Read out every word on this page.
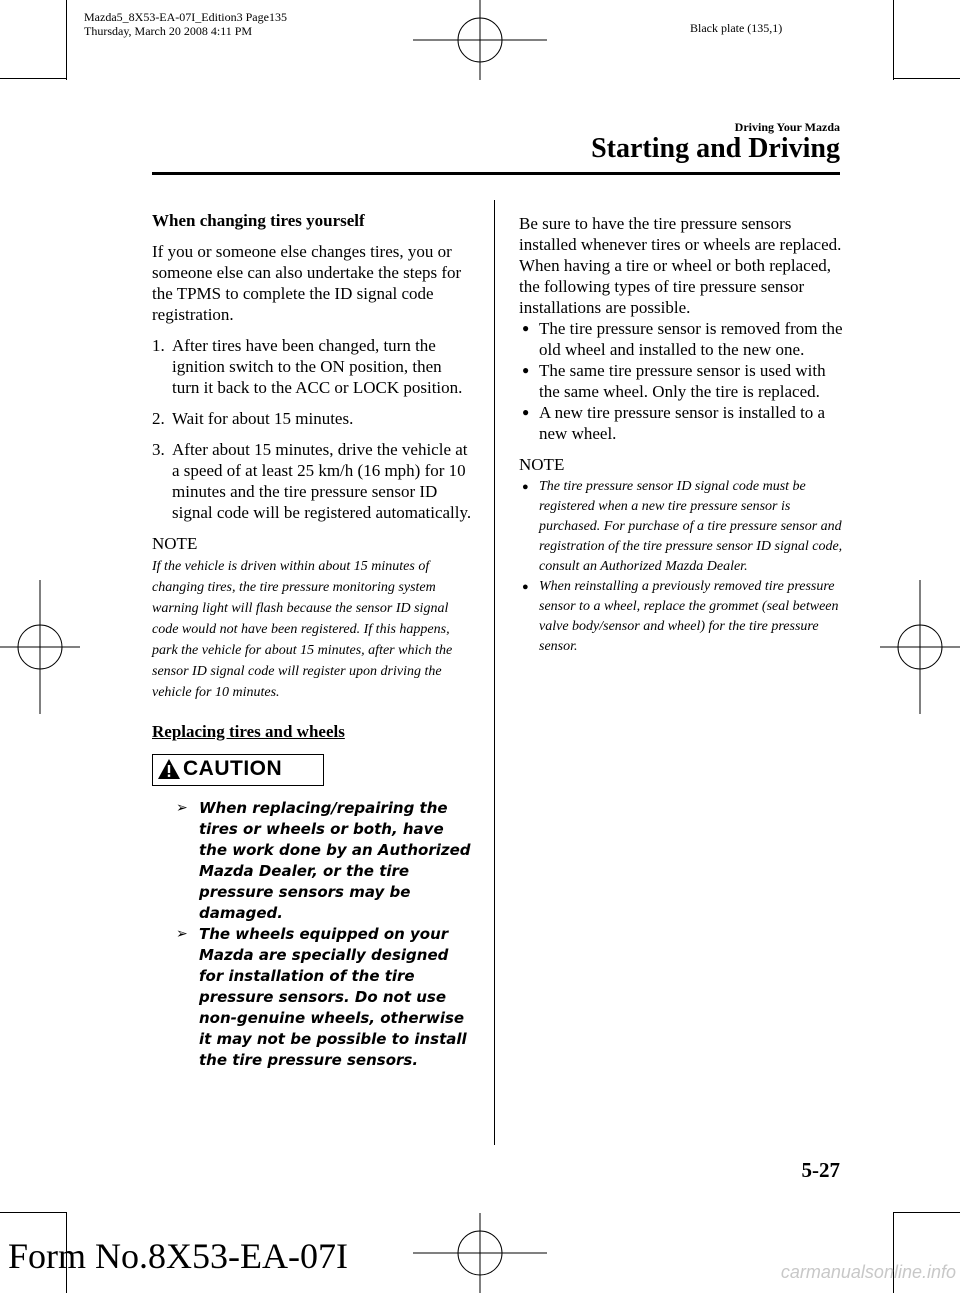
Mazda5_8X53-EA-07I_Edition3 Page135
Thursday, March 20 2008 4:11 PM	Black plate (135,1)
Driving Your Mazda
Starting and Driving
When changing tires yourself

If you or someone else changes tires, you or someone else can also undertake the steps for the TPMS to complete the ID signal code registration.

1. After tires have been changed, turn the ignition switch to the ON position, then turn it back to the ACC or LOCK position.
2. Wait for about 15 minutes.
3. After about 15 minutes, drive the vehicle at a speed of at least 25 km/h (16 mph) for 10 minutes and the tire pressure sensor ID signal code will be registered automatically.
NOTE
If the vehicle is driven within about 15 minutes of changing tires, the tire pressure monitoring system warning light will flash because the sensor ID signal code would not have been registered. If this happens, park the vehicle for about 15 minutes, after which the sensor ID signal code will register upon driving the vehicle for 10 minutes.
Replacing tires and wheels
CAUTION
➢ When replacing/repairing the tires or wheels or both, have the work done by an Authorized Mazda Dealer, or the tire pressure sensors may be damaged.
➢ The wheels equipped on your Mazda are specially designed for installation of the tire pressure sensors. Do not use non-genuine wheels, otherwise it may not be possible to install the tire pressure sensors.

Be sure to have the tire pressure sensors installed whenever tires or wheels are replaced.

When having a tire or wheel or both replaced, the following types of tire pressure sensor installations are possible.

● The tire pressure sensor is removed from the old wheel and installed to the new one.
● The same tire pressure sensor is used with the same wheel. Only the tire is replaced.
● A new tire pressure sensor is installed to a new wheel.
NOTE
● The tire pressure sensor ID signal code must be registered when a new tire pressure sensor is purchased. For purchase of a tire pressure sensor and registration of the tire pressure sensor ID signal code, consult an Authorized Mazda Dealer.
● When reinstalling a previously removed tire pressure sensor to a wheel, replace the grommet (seal between valve body/sensor and wheel) for the tire pressure sensor.
5-27
Form No.8X53-EA-07I	carmanualsonline.info
